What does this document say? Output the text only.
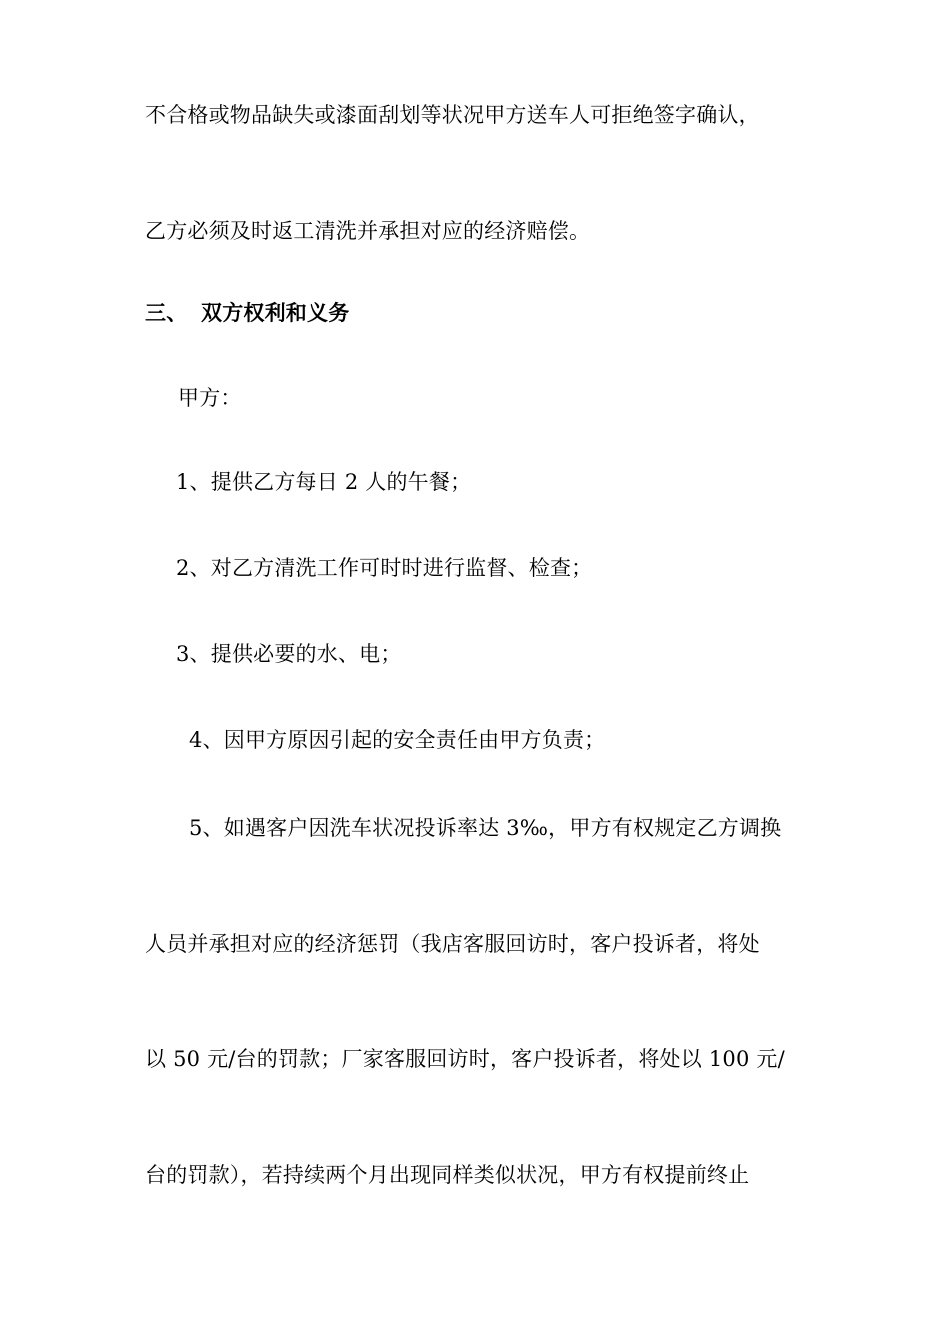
不合格或物品缺失或漆面刮划等状况甲方送车人可拒绝签字确认，
乙方必须及时返工清洗并承担对应的经济赔偿。
三、 双方权利和义务
甲方：
1、提供乙方每日 2 人的午餐；
2、对乙方清洗工作可时时进行监督、检查；
3、提供必要的水、电；
4、因甲方原因引起的安全责任由甲方负责；
5、如遇客户因洗车状况投诉率达 3‰，甲方有权规定乙方调换
人员并承担对应的经济惩罚（我店客服回访时，客户投诉者，将处
以 50 元/台的罚款；厂家客服回访时，客户投诉者，将处以 100 元/
台的罚款），若持续两个月出现同样类似状况，甲方有权提前终止
